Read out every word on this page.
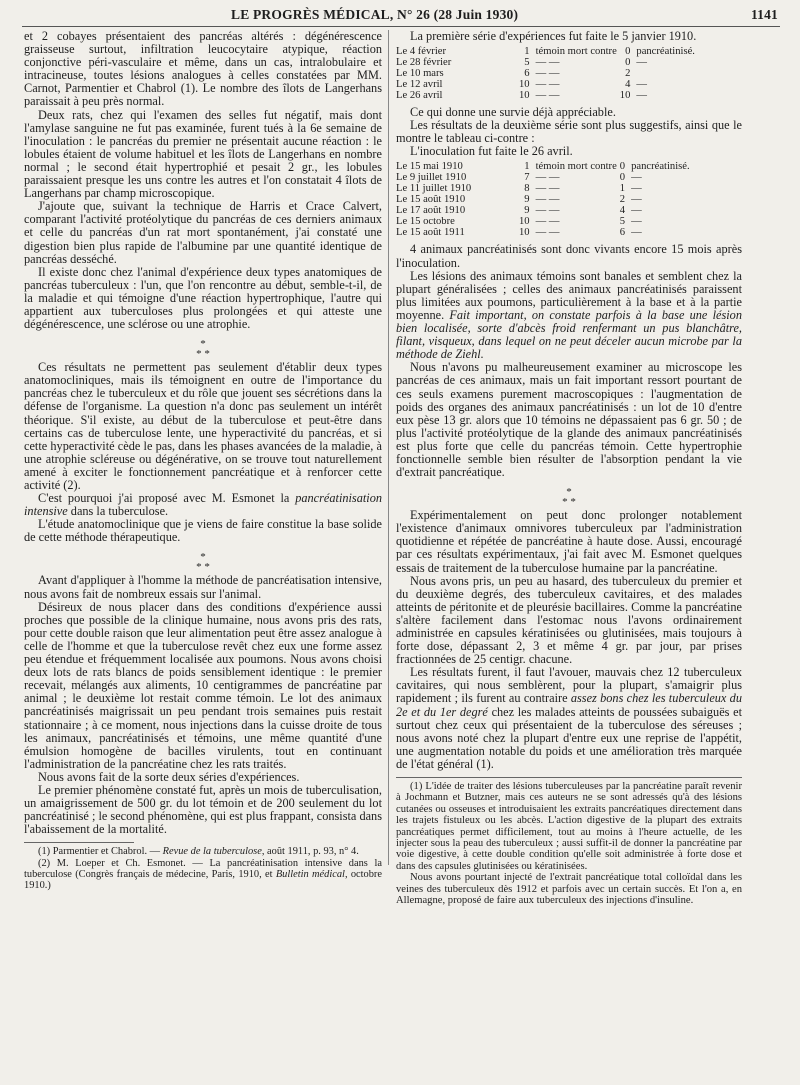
LE PROGRÈS MÉDICAL, N° 26 (28 Juin 1930)	1141

et 2 cobayes présentaient des pancréas altérés : dégénérescence graisseuse surtout, infiltration leucocytaire atypique, réaction conjonctive péri-vasculaire et même, dans un cas, intralobulaire et intracineuse, toutes lésions analogues à celles constatées par MM. Carnot, Parmentier et Chabrol (1). Le nombre des îlots de Langerhans paraissait à peu près normal.

Deux rats, chez qui l'examen des selles fut négatif, mais dont l'amylase sanguine ne fut pas examinée, furent tués à la 6e semaine de l'inoculation : le pancréas du premier ne présentait aucune réaction : le lobules étaient de volume habituel et les îlots de Langerhans en nombre normal ; le second était hypertrophié et pesait 2 gr., les lobules paraissaient presque les uns contre les autres et l'on constatait 4 îlots de Langerhans par champ microscopique.

J'ajoute que, suivant la technique de Harris et Crace Calvert, comparant l'activité protéolytique du pancréas de ces derniers animaux et celle du pancréas d'un rat mort spontanément, j'ai constaté une digestion bien plus rapide de l'albumine par une quantité identique de pancréas desséché.

Il existe donc chez l'animal d'expérience deux types anatomiques de pancréas tuberculeux : l'un, que l'on rencontre au début, semble-t-il, de la maladie et qui témoigne d'une réaction hypertrophique, l'autre qui appartient aux tuberculoses plus prolongées et qui atteste une dégénérescence, une sclérose ou une atrophie.

*
* *

Ces résultats ne permettent pas seulement d'établir deux types anatomocliniques, mais ils témoignent en outre de l'importance du pancréas chez le tuberculeux et du rôle que jouent ses sécrétions dans la défense de l'organisme. La question n'a donc pas seulement un intérêt théorique. S'il existe, au début de la tuberculose et peut-être dans certains cas de tuberculose lente, une hyperactivité du pancréas, et si cette hyperactivité cède le pas, dans les phases avancées de la maladie, à une atrophie scléreuse ou dégénérative, on se trouve tout naturellement amené à exciter le fonctionnement pancréatique et à renforcer cette activité (2).

C'est pourquoi j'ai proposé avec M. Esmonet la pancréatinisation intensive dans la tuberculose.

L'étude anatomoclinique que je viens de faire constitue la base solide de cette méthode thérapeutique.

*
* *

Avant d'appliquer à l'homme la méthode de pancréatisation intensive, nous avons fait de nombreux essais sur l'animal.

Désireux de nous placer dans des conditions d'expérience aussi proches que possible de la clinique humaine, nous avons pris des rats, pour cette double raison que leur alimentation peut être assez analogue à celle de l'homme et que la tuberculose revêt chez eux une forme assez peu étendue et fréquemment localisée aux poumons. Nous avons choisi deux lots de rats blancs de poids sensiblement identique : le premier recevait, mélangés aux aliments, 10 centigrammes de pancréatine par animal ; le deuxième lot restait comme témoin. Le lot des animaux pancréatinisés maigrissait un peu pendant trois semaines puis restait stationnaire ; à ce moment, nous injections dans la cuisse droite de tous les animaux, pancréatinisés et témoins, une même quantité d'une émulsion homogène de bacilles virulents, tout en continuant l'administration de la pancréatine chez les rats traités.

Nous avons fait de la sorte deux séries d'expériences.

Le premier phénomène constaté fut, après un mois de tuberculisation, un amaigrissement de 500 gr. du lot témoin et de 200 seulement du lot pancréatinisé ; le second phénomène, qui est plus frappant, consista dans l'abaissement de la mortalité.

(1) Parmentier et Chabrol. — Revue de la tuberculose, août 1911, p. 93, n° 4.

(2) M. Loeper et Ch. Esmonet. — La pancréatinisation intensive dans la tuberculose (Congrès français de médecine, Paris, 1910, et Bulletin médical, octobre 1910.)

La première série d'expériences fut faite le 5 janvier 1910.

Le 4 février	1	témoin mort contre	0	pancréatinisé.
Le 28 février	5	— —	0	—
Le 10 mars	6	— —	2	
Le 12 avril	10	— —	4	—
Le 26 avril	10	— —	10	—

Ce qui donne une survie déjà appréciable.

Les résultats de la deuxième série sont plus suggestifs, ainsi que le montre le tableau ci-contre :

L'inoculation fut faite le 26 avril.

Le 15 mai 1910	1	témoin mort contre	0	pancréatinisé.
Le 9 juillet 1910	7	— —	0	—
Le 11 juillet 1910	8	— —	1	—
Le 15 août 1910	9	— —	2	—
Le 17 août 1910	9	— —	4	—
Le 15 octobre	10	— —	5	—
Le 15 août 1911	10	— —	6	—

4 animaux pancréatinisés sont donc vivants encore 15 mois après l'inoculation.

Les lésions des animaux témoins sont banales et semblent chez la plupart généralisées ; celles des animaux pancréatinisés paraissent plus limitées aux poumons, particulièrement à la base et à la partie moyenne. Fait important, on constate parfois à la base une lésion bien localisée, sorte d'abcès froid renfermant un pus blanchâtre, filant, visqueux, dans lequel on ne peut déceler aucun microbe par la méthode de Ziehl.

Nous n'avons pu malheureusement examiner au microscope les pancréas de ces animaux, mais un fait important ressort pourtant de ces seuls examens purement macroscopiques : l'augmentation de poids des organes des animaux pancréatinisés : un lot de 10 d'entre eux pèse 13 gr. alors que 10 témoins ne dépassaient pas 6 gr. 50 ; de plus l'activité protéolytique de la glande des animaux pancréatinisés est plus forte que celle du pancréas témoin. Cette hypertrophie fonctionnelle semble bien résulter de l'absorption pendant la vie d'extrait pancréatique.

*
* *

Expérimentalement on peut donc prolonger notablement l'existence d'animaux omnivores tuberculeux par l'administration quotidienne et répétée de pancréatine à haute dose. Aussi, encouragé par ces résultats expérimentaux, j'ai fait avec M. Esmonet quelques essais de traitement de la tuberculose humaine par la pancréatine.

Nous avons pris, un peu au hasard, des tuberculeux du premier et du deuxième degrés, des tuberculeux cavitaires, et des malades atteints de péritonite et de pleurésie bacillaires. Comme la pancréatine s'altère facilement dans l'estomac nous l'avons ordinairement administrée en capsules kératinisées ou glutinisées, mais toujours à forte dose, dépassant 2, 3 et même 4 gr. par jour, par prises fractionnées de 25 centigr. chacune.

Les résultats furent, il faut l'avouer, mauvais chez 12 tuberculeux cavitaires, qui nous semblèrent, pour la plupart, s'amaigrir plus rapidement ; ils furent au contraire assez bons chez les tuberculeux du 2e et du 1er degré chez les malades atteints de poussées subaiguës et surtout chez ceux qui présentaient de la tuberculose des séreuses ; nous avons noté chez la plupart d'entre eux une reprise de l'appétit, une augmentation notable du poids et une amélioration très marquée de l'état général (1).

(1) L'idée de traiter des lésions tuberculeuses par la pancréatine paraît revenir à Jochmann et Butzner, mais ces auteurs ne se sont adressés qu'à des lésions cutanées ou osseuses et introduisaient les extraits pancréatiques directement dans les trajets fistuleux ou les abcès. L'action digestive de la plupart des extraits pancréatiques permet difficilement, tout au moins à l'heure actuelle, de les injecter sous la peau des tuberculeux ; aussi suffit-il de donner la pancréatine par voie digestive, à cette double condition qu'elle soit administrée à forte dose et dans des capsules glutinisées ou kératinisées.

Nous avons pourtant injecté de l'extrait pancréatique total colloïdal dans les veines des tuberculeux dès 1912 et parfois avec un certain succès. Et l'on a, en Allemagne, proposé de faire aux tuberculeux des injections d'insuline.
